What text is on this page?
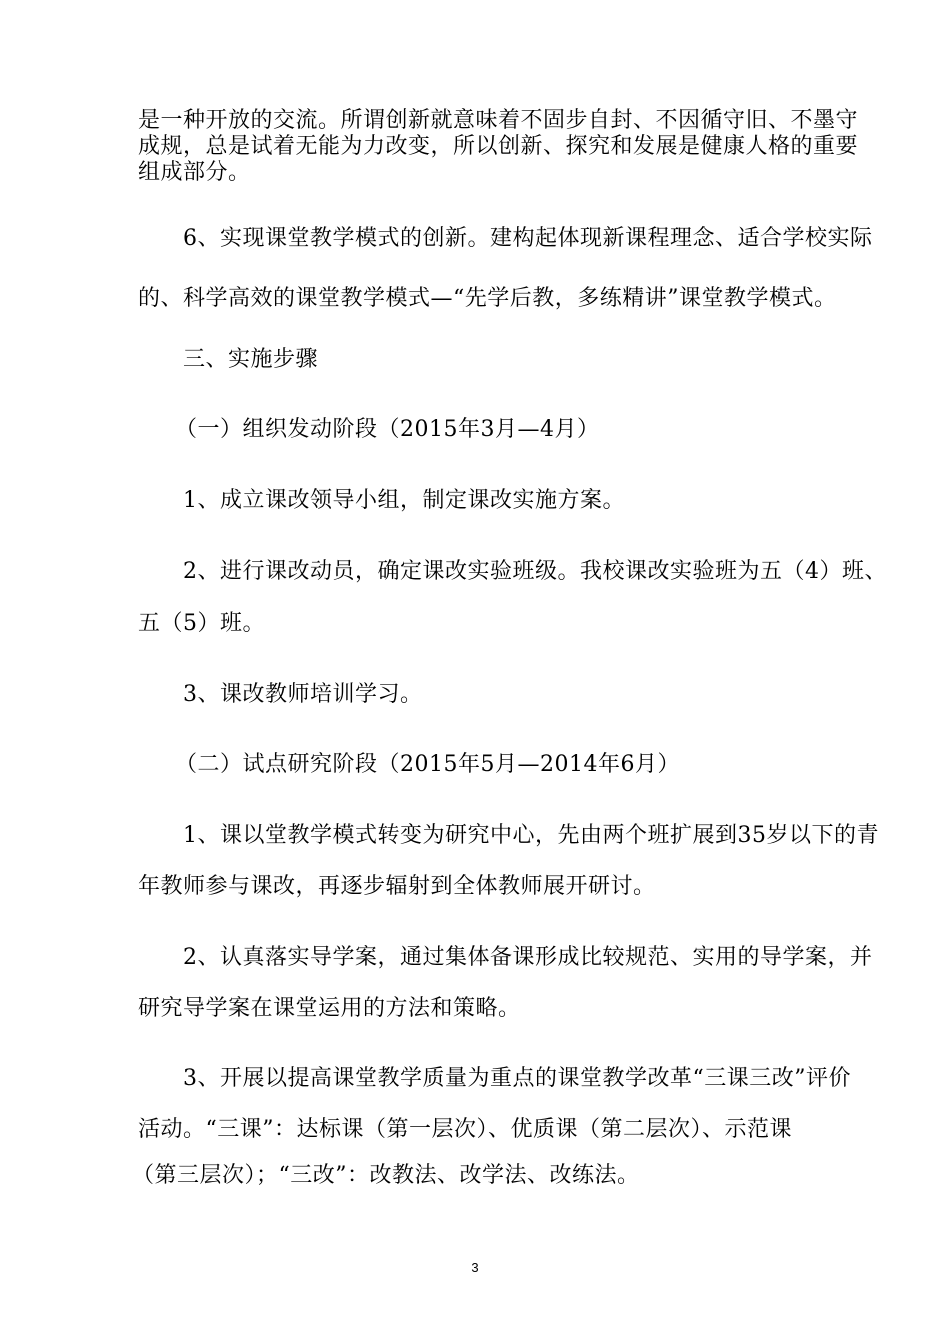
是一种开放的交流。所谓创新就意味着不固步自封、不因循守旧、不墨守
成规，总是试着无能为力改变，所以创新、探究和发展是健康人格的重要
组成部分。
6、实现课堂教学模式的创新。建构起体现新课程理念、适合学校实际
的、科学高效的课堂教学模式—“先学后教，多练精讲”课堂教学模式。
三、实施步骤
（一）组织发动阶段（2015年3月—4月）
1、成立课改领导小组，制定课改实施方案。
2、进行课改动员，确定课改实验班级。我校课改实验班为五（4）班、
五（5）班。
3、课改教师培训学习。
（二）试点研究阶段（2015年5月—2014年6月）
1、课以堂教学模式转变为研究中心，先由两个班扩展到35岁以下的青
年教师参与课改，再逐步辐射到全体教师展开研讨。
2、认真落实导学案，通过集体备课形成比较规范、实用的导学案，并
研究导学案在课堂运用的方法和策略。
3、开展以提高课堂教学质量为重点的课堂教学改革“三课三改”评价
活动。“三课”：达标课（第一层次）、优质课（第二层次）、示范课
（第三层次）；“三改”：改教法、改学法、改练法。
3
